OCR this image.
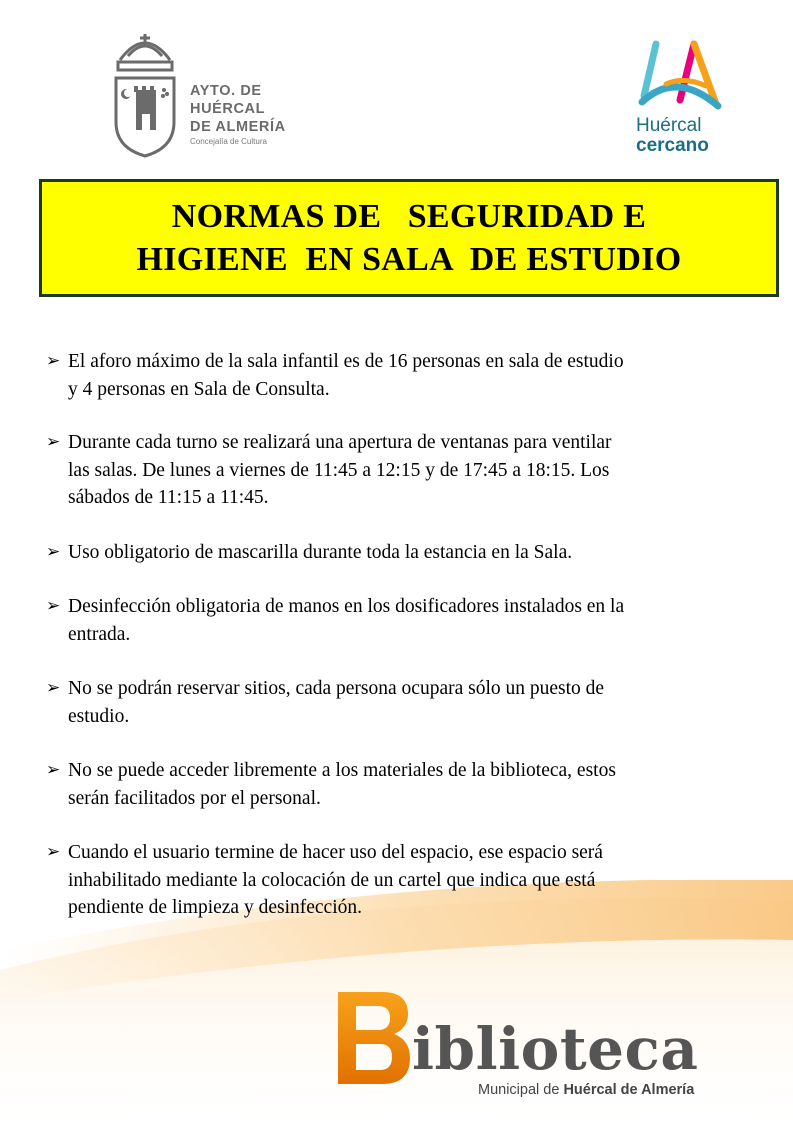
AYTO. DE
HUÉRCAL
DE ALMERÍA
Concejalía de Cultura
Huércal
cercano
NORMAS DE   SEGURIDAD E
HIGIENE  EN SALA  DE ESTUDIO
➢ El aforo máximo de la sala infantil es de 16 personas en sala de estudio
y 4 personas en Sala de Consulta.
➢ Durante cada turno se realizará una apertura de ventanas para ventilar
las salas. De lunes a viernes de 11:45 a 12:15 y de 17:45 a 18:15. Los
sábados de 11:15 a 11:45.
➢ Uso obligatorio de mascarilla durante toda la estancia en la Sala.
➢ Desinfección obligatoria de manos en los dosificadores instalados en la
entrada.
➢ No se podrán reservar sitios, cada persona ocupara sólo un puesto de
estudio.
➢ No se puede acceder libremente a los materiales de la biblioteca, estos
serán facilitados por el personal.
➢ Cuando el usuario termine de hacer uso del espacio, ese espacio será
inhabilitado mediante la colocación de un cartel que indica que está
pendiente de limpieza y desinfección.
iblioteca
Municipal de Huércal de Almería
